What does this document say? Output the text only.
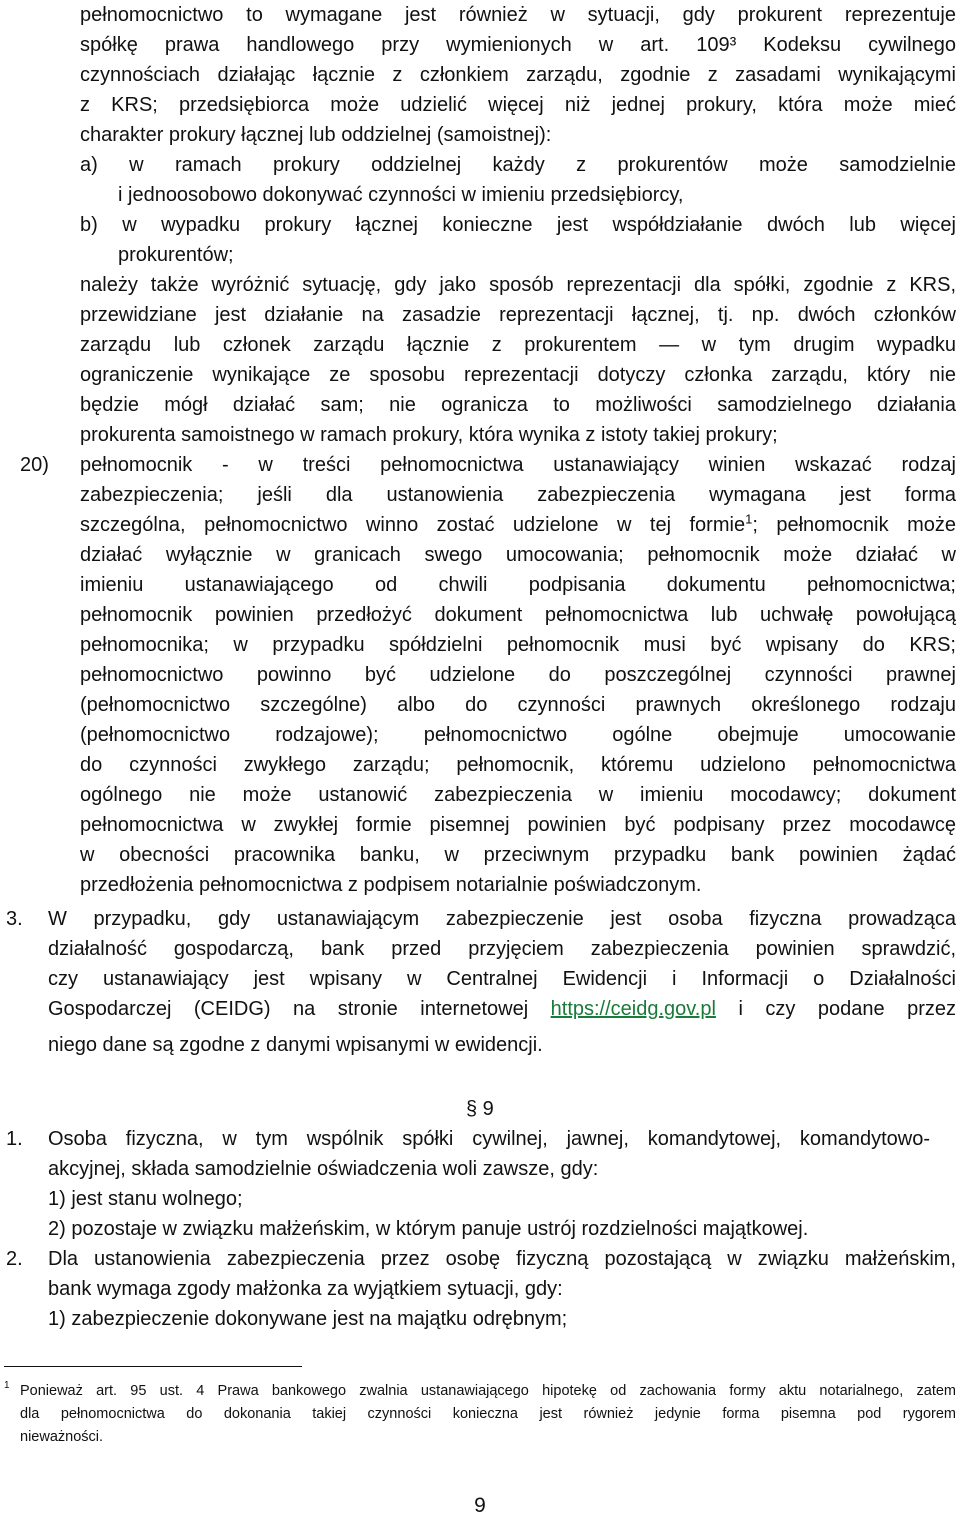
pełnomocnictwo to wymagane jest również w sytuacji, gdy prokurent reprezentuje
spółkę prawa handlowego przy wymienionych w art. 109³ Kodeksu cywilnego
czynnościach działając łącznie z członkiem zarządu, zgodnie z zasadami wynikającymi
z KRS; przedsiębiorca może udzielić więcej niż jednej prokury, która może mieć
charakter prokury łącznej lub oddzielnej (samoistnej):
a) w ramach prokury oddzielnej każdy z prokurentów może samodzielnie
i jednoosobowo dokonywać czynności w imieniu przedsiębiorcy,
b) w wypadku prokury łącznej konieczne jest współdziałanie dwóch lub więcej
prokurentów;
należy także wyróżnić sytuację, gdy jako sposób reprezentacji dla spółki, zgodnie z KRS,
przewidziane jest działanie na zasadzie reprezentacji łącznej, tj. np. dwóch członków
zarządu lub członek zarządu łącznie z prokurentem — w tym drugim wypadku
ograniczenie wynikające ze sposobu reprezentacji dotyczy członka zarządu, który nie
będzie mógł działać sam; nie ogranicza to możliwości samodzielnego działania
prokurenta samoistnego w ramach prokury, która wynika z istoty takiej prokury;
20) pełnomocnik - w treści pełnomocnictwa ustanawiający winien wskazać rodzaj
zabezpieczenia; jeśli dla ustanowienia zabezpieczenia wymagana jest forma
szczególna, pełnomocnictwo winno zostać udzielone w tej formie$^1$; pełnomocnik może
działać wyłącznie w granicach swego umocowania; pełnomocnik może działać w
imieniu ustanawiającego od chwili podpisania dokumentu pełnomocnictwa;
pełnomocnik powinien przedłożyć dokument pełnomocnictwa lub uchwałę powołującą
pełnomocnika; w przypadku spółdzielni pełnomocnik musi być wpisany do KRS;
pełnomocnictwo powinno być udzielone do poszczególnej czynności prawnej
(pełnomocnictwo szczególne) albo do czynności prawnych określonego rodzaju
(pełnomocnictwo rodzajowe); pełnomocnictwo ogólne obejmuje umocowanie
do czynności zwykłego zarządu; pełnomocnik, któremu udzielono pełnomocnictwa
ogólnego nie może ustanowić zabezpieczenia w imieniu mocodawcy; dokument
pełnomocnictwa w zwykłej formie pisemnej powinien być podpisany przez mocodawcę
w obecności pracownika banku, w przeciwnym przypadku bank powinien żądać
przedłożenia pełnomocnictwa z podpisem notarialnie poświadczonym.
3. W przypadku, gdy ustanawiającym zabezpieczenie jest osoba fizyczna prowadząca
działalność gospodarczą, bank przed przyjęciem zabezpieczenia powinien sprawdzić,
czy ustanawiający jest wpisany w Centralnej Ewidencji i Informacji o Działalności
Gospodarczej (CEIDG) na stronie internetowej https://ceidg.gov.pl i czy podane przez
niego dane są zgodne z danymi wpisanymi w ewidencji.
§ 9
1. Osoba fizyczna, w tym wspólnik spółki cywilnej, jawnej, komandytowej, komandytowo-
akcyjnej, składa samodzielnie oświadczenia woli zawsze, gdy:
1) jest stanu wolnego;
2) pozostaje w związku małżeńskim, w którym panuje ustrój rozdzielności majątkowej.
2. Dla ustanowienia zabezpieczenia przez osobę fizyczną pozostającą w związku małżeńskim,
bank wymaga zgody małżonka za wyjątkiem sytuacji, gdy:
1) zabezpieczenie dokonywane jest na majątku odrębnym;
1 Ponieważ art. 95 ust. 4 Prawa bankowego zwalnia ustanawiającego hipotekę od zachowania formy aktu notarialnego, zatem
dla pełnomocnictwa do dokonania takiej czynności konieczna jest również jedynie forma pisemna pod rygorem
nieważności.
9
